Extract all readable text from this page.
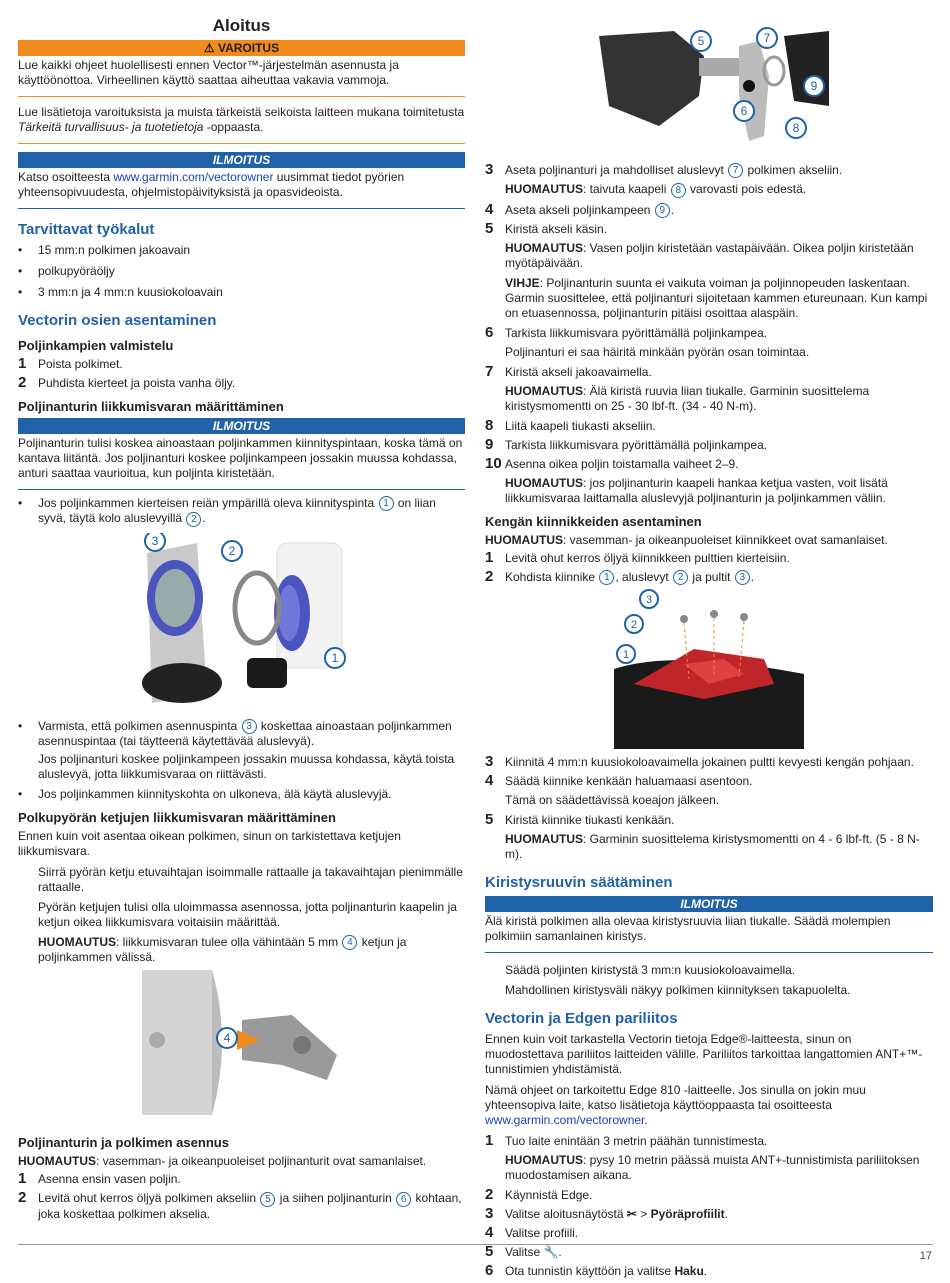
Aloitus
⚠ VAROITUS

Lue kaikki ohjeet huolellisesti ennen Vector™-järjestelmän asennusta ja käyttöönottoa. Virheellinen käyttö saattaa aiheuttaa vakavia vammoja.

Lue lisätietoja varoituksista ja muista tärkeistä seikoista laitteen mukana toimitetusta Tärkeitä turvallisuus- ja tuotetietoja -oppaasta.

ILMOITUS

Katso osoitteesta www.garmin.com/vectorowner uusimmat tiedot pyörien yhteensopivuudesta, ohjelmistopäivityksistä ja opasvideoista.

Tarvittavat työkalut
• 15 mm:n polkimen jakoavain
• polkupyöräöljy
• 3 mm:n ja 4 mm:n kuusiokoloavain
Vectorin osien asentaminen
Poljinkampien valmistelu
1 Poista polkimet.
2 Puhdista kierteet ja poista vanha öljy.
Poljinanturin liikkumisvaran määrittäminen
ILMOITUS

Poljinanturin tulisi koskea ainoastaan poljinkammen kiinnityspintaan, koska tämä on kantava liitäntä. Jos poljinanturi koskee poljinkampeen jossakin muussa kohdassa, anturi saattaa vaurioitua, kun poljinta kiristetään.

• Jos poljinkammen kierteisen reiän ympärillä oleva kiinnityspinta 1 on liian syvä, täytä kolo aluslevyillä 2 .
3
2
1
• Varmista, että polkimen asennuspinta 3 koskettaa ainoastaan poljinkammen asennuspintaa (tai täytteenä käytettävää aluslevyä).
Jos poljinanturi koskee poljinkampeen jossakin muussa kohdassa, käytä toista aluslevyä, jotta liikkumisvaraa on riittävästi.
• Jos poljinkammen kiinnityskohta on ulkoneva, älä käytä aluslevyjä.
Polkupyörän ketjujen liikkumisvaran määrittäminen

Ennen kuin voit asentaa oikean polkimen, sinun on tarkistettava ketjujen liikkumisvara.

Siirrä pyörän ketju etuvaihtajan isoimmalle rattaalle ja takavaihtajan pienimmälle rattaalle.
Pyörän ketjujen tulisi olla uloimmassa asennossa, jotta poljinanturin kaapelin ja ketjun oikea liikkumisvara voitaisiin määrittää.
HUOMAUTUS: liikkumisvaran tulee olla vähintään 5 mm 4 ketjun ja poljinkammen välissä.
4
Poljinanturin ja polkimen asennus

HUOMAUTUS: vasemman- ja oikeanpuoleiset poljinanturit ovat samanlaiset.

1 Asenna ensin vasen poljin.
2 Levitä ohut kerros öljyä polkimen akseliin 5 ja siihen poljinanturin 6 kohtaan, joka koskettaa polkimen akselia.
5	7
9
6
8
3 Aseta poljinanturi ja mahdolliset aluslevyt 7 polkimen akseliin.
HUOMAUTUS: taivuta kaapeli 8 varovasti pois edestä.
4 Aseta akseli poljinkampeen 9 .
5 Kiristä akseli käsin.
HUOMAUTUS: Vasen poljin kiristetään vastapäivään. Oikea poljin kiristetään myötäpäivään.
VIHJE: Poljinanturin suunta ei vaikuta voiman ja poljinnopeuden laskentaan. Garmin suosittelee, että poljinanturi sijoitetaan kammen etureunaan. Kun kampi on etuasennossa, poljinanturin pitäisi osoittaa alaspäin.
6 Tarkista liikkumisvara pyörittämällä poljinkampea.
Poljinanturi ei saa häiritä minkään pyörän osan toimintaa.
7 Kiristä akseli jakoavaimella.
HUOMAUTUS: Älä kiristä ruuvia liian tiukalle. Garminin suosittelema kiristysmomentti on 25 - 30 lbf-ft. (34 - 40 N-m).
8 Liitä kaapeli tiukasti akseliin.
9 Tarkista liikkumisvara pyörittämällä poljinkampea.
10 Asenna oikea poljin toistamalla vaiheet 2–9.
HUOMAUTUS: jos poljinanturin kaapeli hankaa ketjua vasten, voit lisätä liikkumisvaraa laittamalla aluslevyjä poljinanturin ja poljinkammen väliin.
Kengän kiinnikkeiden asentaminen

HUOMAUTUS: vasemman- ja oikeanpuoleiset kiinnikkeet ovat samanlaiset.

1 Levitä ohut kerros öljyä kiinnikkeen pulttien kierteisiin.
2 Kohdista kiinnike 1 , aluslevyt 2 ja pultit 3 .
3
2
1
3 Kiinnitä 4 mm:n kuusiokoloavaimella jokainen pultti kevyesti kengän pohjaan.
4 Säädä kiinnike kenkään haluamaasi asentoon.
Tämä on säädettävissä koeajon jälkeen.
5 Kiristä kiinnike tiukasti kenkään.
HUOMAUTUS: Garminin suosittelema kiristysmomentti on 4 - 6 lbf-ft. (5 - 8 N-m).
Kiristysruuvin säätäminen
ILMOITUS

Älä kiristä polkimen alla olevaa kiristysruuvia liian tiukalle. Säädä molempien polkimiin samanlainen kiristys.

Säädä poljinten kiristystä 3 mm:n kuusiokoloavaimella.
Mahdollinen kiristysväli näkyy polkimen kiinnityksen takapuolelta.
Vectorin ja Edgen pariliitos

Ennen kuin voit tarkastella Vectorin tietoja Edge®-laitteesta, sinun on muodostettava pariliitos laitteiden välille. Pariliitos tarkoittaa langattomien ANT+™-tunnistimien yhdistämistä.

Nämä ohjeet on tarkoitettu Edge 810 -laitteelle. Jos sinulla on jokin muu yhteensopiva laite, katso lisätietoja käyttöoppaasta tai osoitteesta www.garmin.com/vectorowner.

1 Tuo laite enintään 3 metrin päähän tunnistimesta.
HUOMAUTUS: pysy 10 metrin päässä muista ANT+-tunnistimista pariliitoksen muodostamisen aikana.
2 Käynnistä Edge.
3 Valitse aloitusnäytöstä ✂ > Pyöräprofiilit.
4 Valitse profiili.
5 Valitse 🔧.
6 Ota tunnistin käyttöön ja valitse Haku.
17
